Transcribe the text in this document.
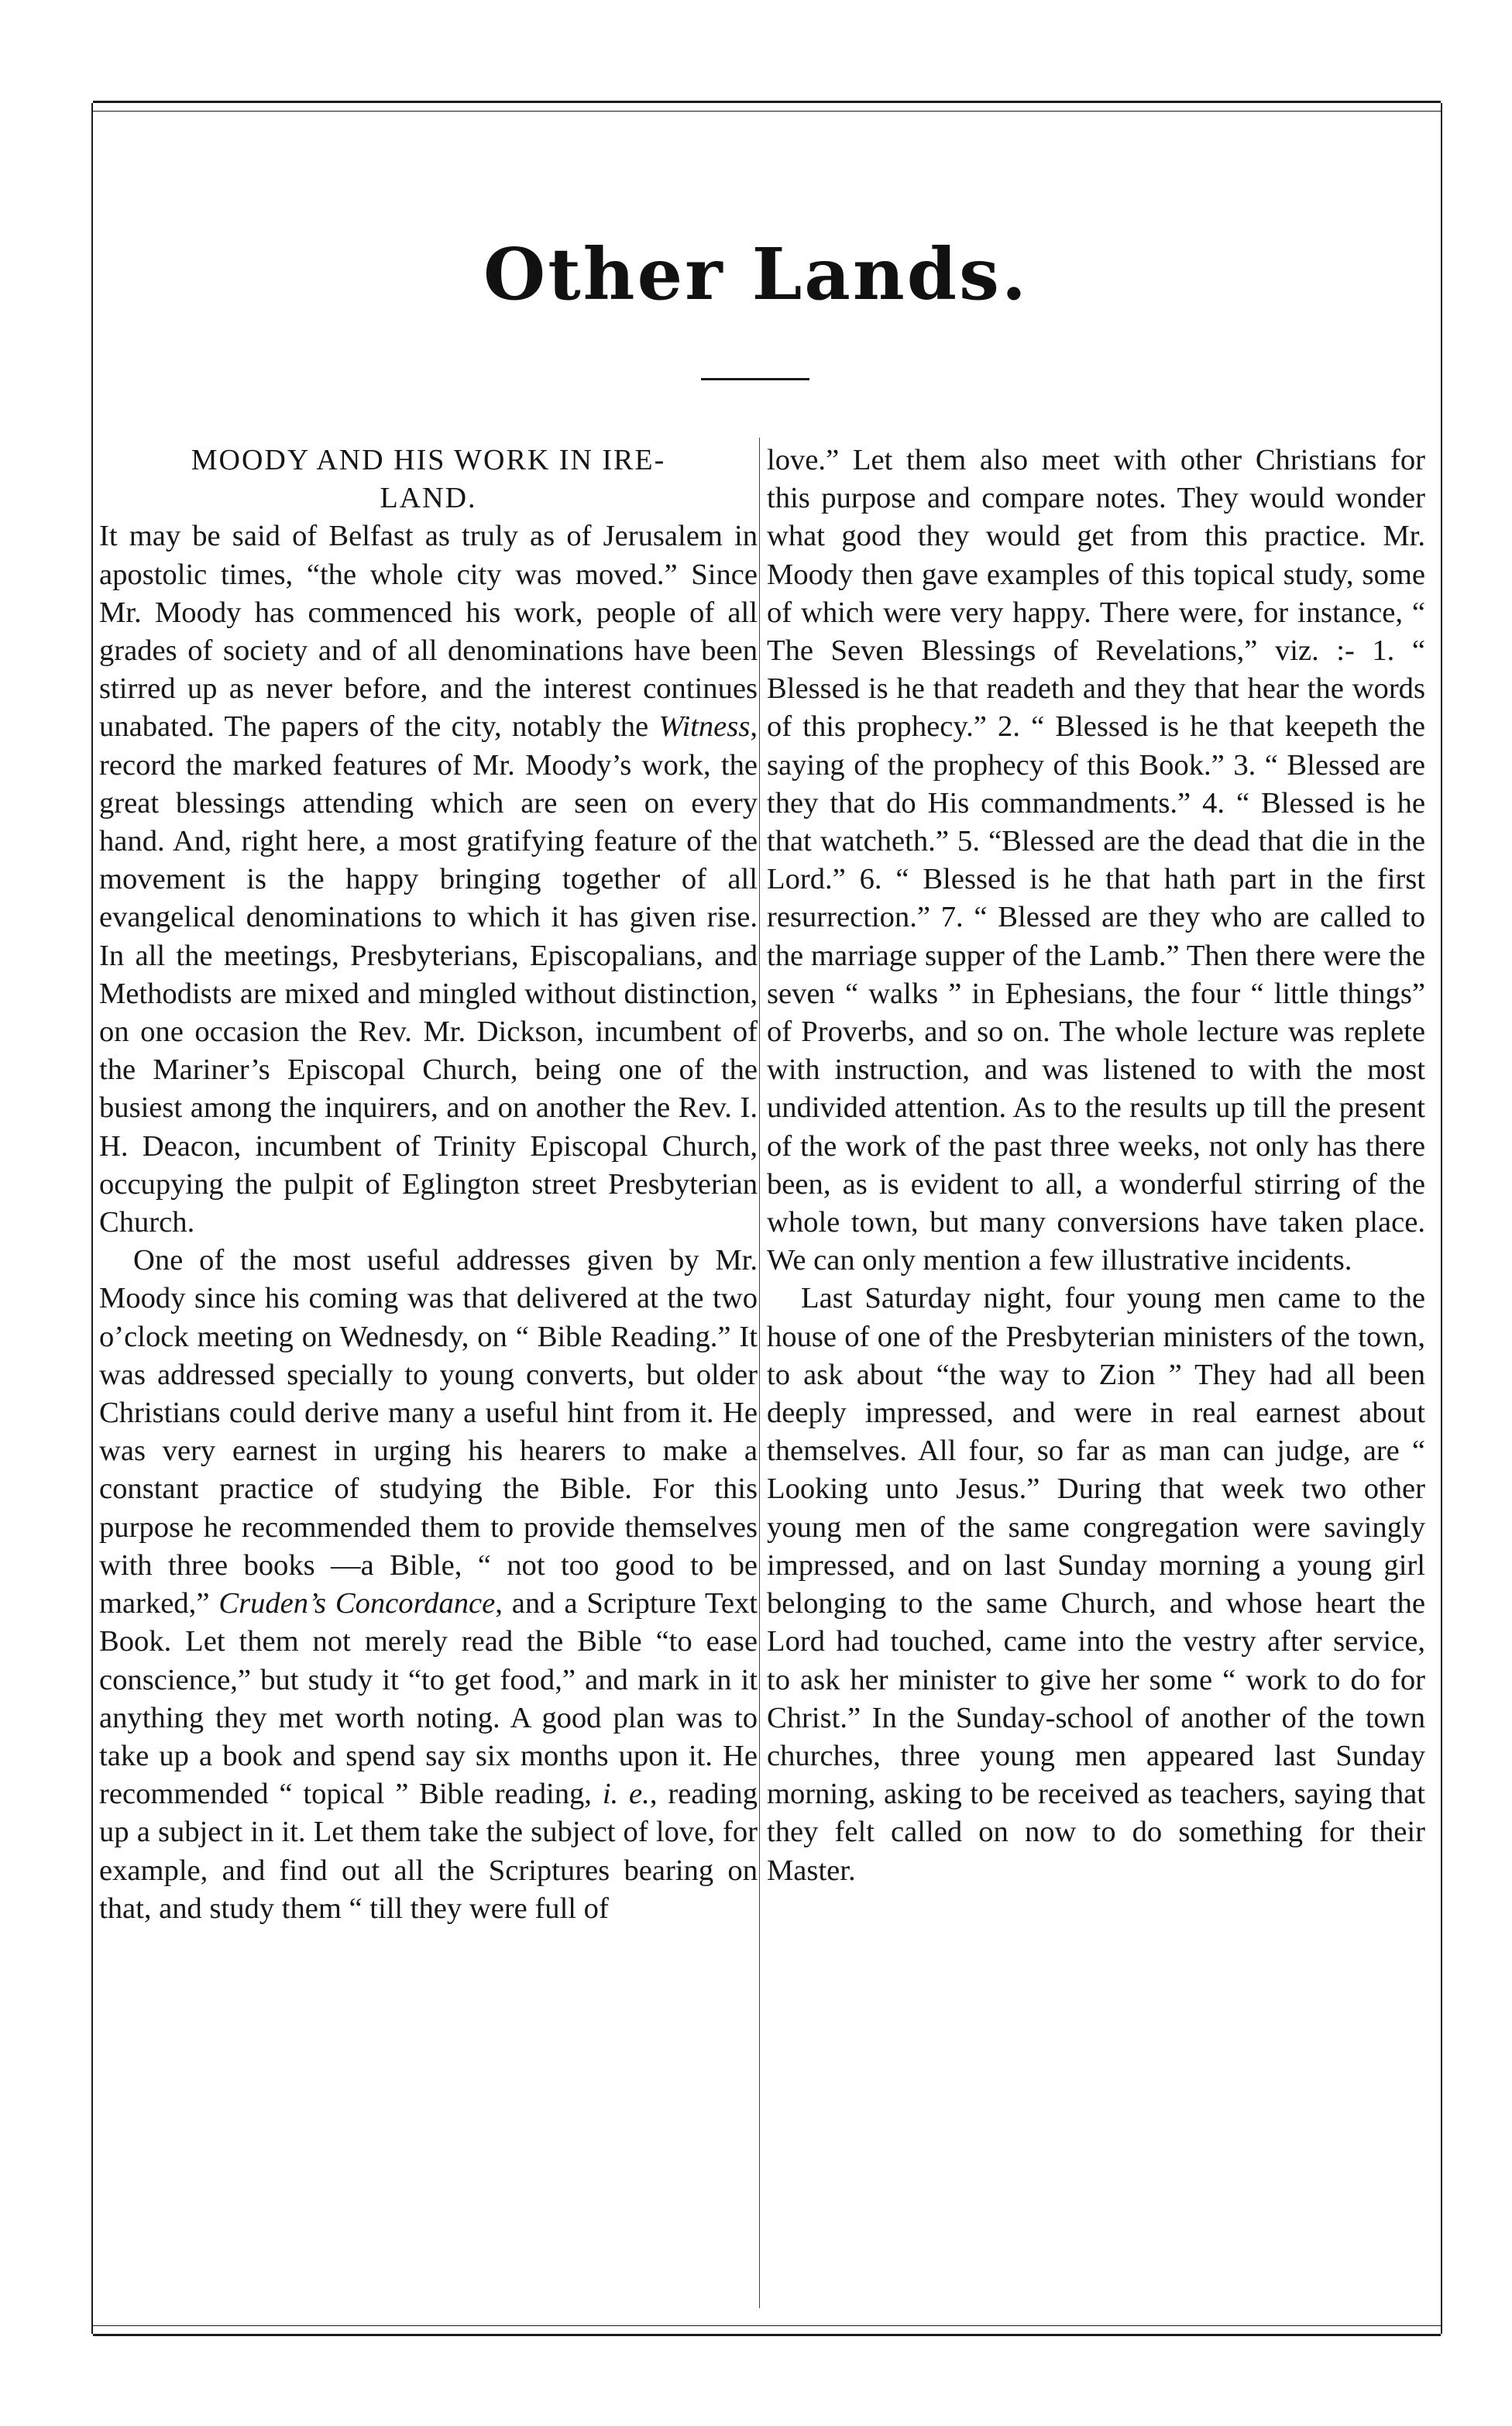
Other Lands.
MOODY AND HIS WORK IN IRE-
LAND.

It may be said of Belfast as truly as of Jerusalem in apostolic times, “the whole city was moved.” Since Mr. Moody has commenced his work, people of all grades of society and of all denominations have been stirred up as never before, and the interest continues unabated. The papers of the city, notably the Witness, record the marked features of Mr. Moody’s work, the great blessings attending which are seen on every hand. And, right here, a most gratifying feature of the movement is the happy bringing together of all evangelical denominations to which it has given rise. In all the meetings, Presbyterians, Episcopalians, and Methodists are mixed and mingled without distinction, on one occasion the Rev. Mr. Dickson, incumbent of the Mariner’s Episcopal Church, being one of the busiest among the inquirers, and on another the Rev. I. H. Deacon, incumbent of Trinity Episcopal Church, occupying the pulpit of Eglington street Presbyterian Church.

One of the most useful addresses given by Mr. Moody since his coming was that delivered at the two o’clock meeting on Wednesdy, on “ Bible Reading.” It was addressed specially to young converts, but older Christians could derive many a useful hint from it. He was very earnest in urging his hearers to make a constant practice of studying the Bible. For this purpose he recommended them to provide themselves with three books —a Bible, “ not too good to be marked,” Cruden’s Concordance, and a Scripture Text Book. Let them not merely read the Bible “to ease conscience,” but study it “to get food,” and mark in it anything they met worth noting. A good plan was to take up a book and spend say six months upon it. He recommended “ topical ” Bible reading, i. e., reading up a subject in it. Let them take the subject of love, for example, and find out all the Scriptures bearing on that, and study them “ till they were full of

love.” Let them also meet with other Christians for this purpose and compare notes. They would wonder what good they would get from this practice. Mr. Moody then gave examples of this topical study, some of which were very happy. There were, for instance, “ The Seven Blessings of Revelations,” viz. :- 1. “ Blessed is he that readeth and they that hear the words of this prophecy.” 2. “ Blessed is he that keepeth the saying of the prophecy of this Book.” 3. “ Blessed are they that do His commandments.” 4. “ Blessed is he that watcheth.” 5. “Blessed are the dead that die in the Lord.” 6. “ Blessed is he that hath part in the first resurrection.” 7. “ Blessed are they who are called to the marriage supper of the Lamb.” Then there were the seven “ walks ” in Ephesians, the four “ little things” of Proverbs, and so on. The whole lecture was replete with instruction, and was listened to with the most undivided attention. As to the results up till the present of the work of the past three weeks, not only has there been, as is evident to all, a wonderful stirring of the whole town, but many conversions have taken place. We can only mention a few illustrative incidents.

Last Saturday night, four young men came to the house of one of the Presbyterian ministers of the town, to ask about “the way to Zion ” They had all been deeply impressed, and were in real earnest about themselves. All four, so far as man can judge, are “ Looking unto Jesus.” During that week two other young men of the same congregation were savingly impressed, and on last Sunday morning a young girl belonging to the same Church, and whose heart the Lord had touched, came into the vestry after service, to ask her minister to give her some “ work to do for Christ.” In the Sunday-school of another of the town churches, three young men appeared last Sunday morning, asking to be received as teachers, saying that they felt called on now to do something for their Master.
